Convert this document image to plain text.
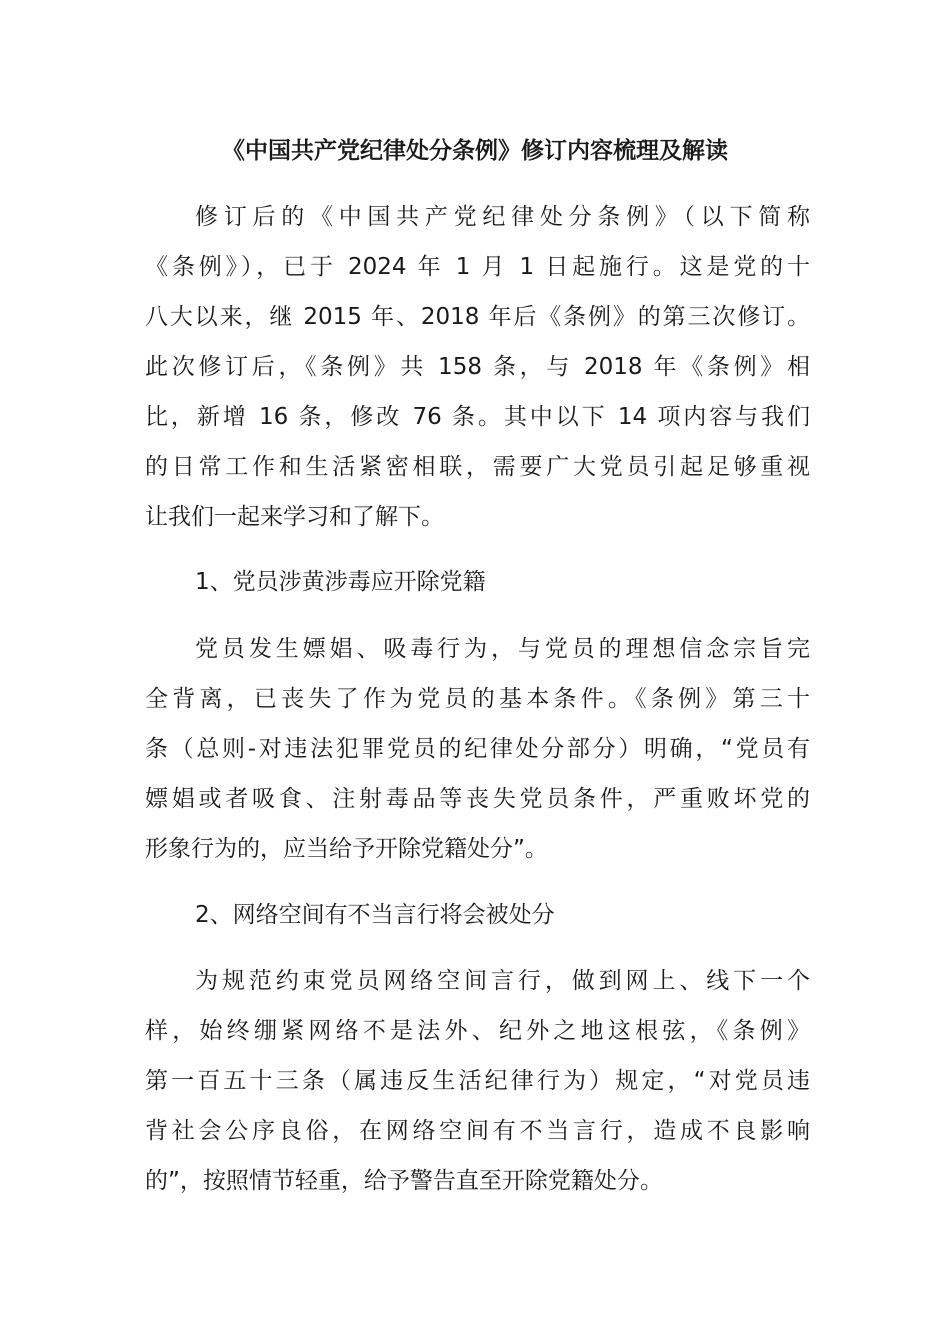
《中国共产党纪律处分条例》修订内容梳理及解读
修订后的《中国共产党纪律处分条例》（以下简称
《条例》），已于 2024 年 1 月 1 日起施行。这是党的十
八大以来，继 2015 年、2018 年后《条例》的第三次修订。
此次修订后，《条例》共 158 条，与 2018 年《条例》相
比，新增 16 条，修改 76 条。其中以下 14 项内容与我们
的日常工作和生活紧密相联，需要广大党员引起足够重视
让我们一起来学习和了解下。
1、党员涉黄涉毒应开除党籍
党员发生嫖娼、吸毒行为，与党员的理想信念宗旨完
全背离，已丧失了作为党员的基本条件。《条例》第三十
条（总则-对违法犯罪党员的纪律处分部分）明确，“党员有
嫖娼或者吸食、注射毒品等丧失党员条件，严重败坏党的
形象行为的，应当给予开除党籍处分”。
2、网络空间有不当言行将会被处分
为规范约束党员网络空间言行，做到网上、线下一个
样，始终绷紧网络不是法外、纪外之地这根弦，《条例》
第一百五十三条（属违反生活纪律行为）规定，“对党员违
背社会公序良俗，在网络空间有不当言行，造成不良影响
的”，按照情节轻重，给予警告直至开除党籍处分。
